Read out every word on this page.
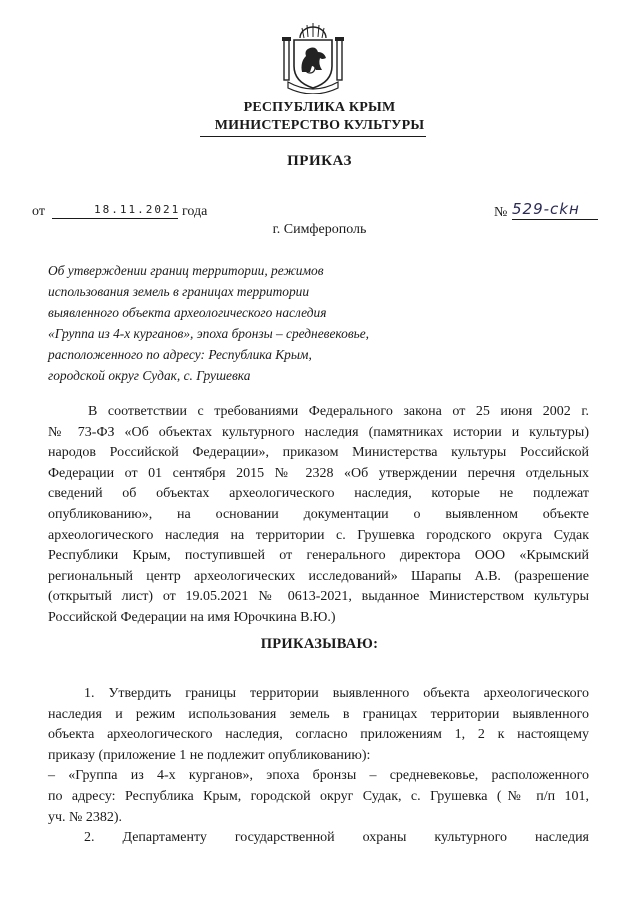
РЕСПУБЛИКА КРЫМ
МИНИСТЕРСТВО КУЛЬТУРЫ
ПРИКАЗ
от	18.11.2021 года	№ 529-ckн
г. Симферополь
Об утверждении границ территории, режимов
использования земель в границах территории
выявленного объекта археологического наследия
«Группа из 4-х курганов», эпоха бронзы – средневековье,
расположенного по адресу: Республика Крым,
городской округ Судак, с. Грушевка
В соответствии с требованиями Федерального закона от 25 июня 2002 г.
№ 73-ФЗ «Об объектах культурного наследия (памятниках истории и культуры)
народов Российской Федерации», приказом Министерства культуры Российской
Федерации от 01 сентября 2015 № 2328 «Об утверждении перечня отдельных
сведений об объектах археологического наследия, которые не подлежат
опубликованию», на основании документации о выявленном объекте
археологического наследия на территории с. Грушевка городского округа Судак
Республики Крым, поступившей от генерального директора ООО «Крымский
региональный центр археологических исследований» Шарапы А.В. (разрешение
(открытый лист) от 19.05.2021 № 0613-2021, выданное Министерством культуры
Российской Федерации на имя Юрочкина В.Ю.)
ПРИКАЗЫВАЮ:
1. Утвердить границы территории выявленного объекта археологического
наследия и режим использования земель в границах территории выявленного
объекта археологического наследия, согласно приложениям 1, 2 к настоящему
приказу (приложение 1 не подлежит опубликованию):
– «Группа из 4-х курганов», эпоха бронзы – средневековье, расположенного
по адресу: Республика Крым, городской округ Судак, с. Грушевка (№ п/п 101,
уч. № 2382).
2. Департаменту государственной охраны культурного наследия
